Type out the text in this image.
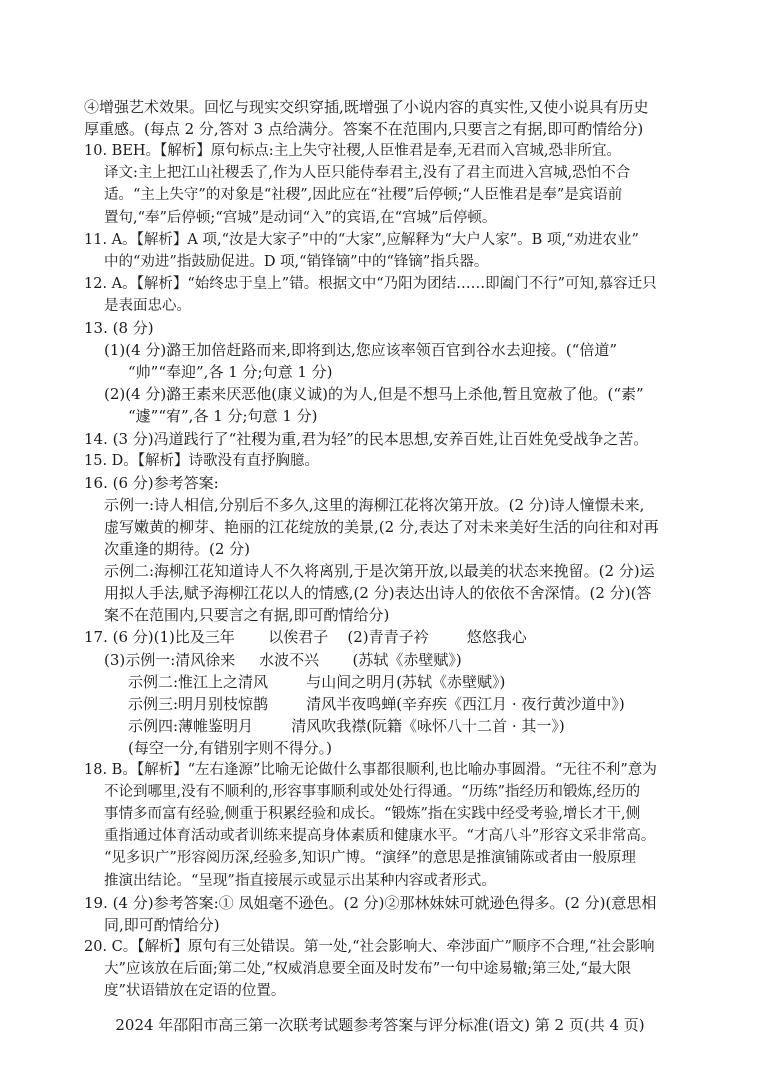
④增强艺术效果。回忆与现实交织穿插,既增强了小说内容的真实性,又使小说具有历史
厚重感。(每点 2 分,答对 3 点给满分。答案不在范围内,只要言之有据,即可酌情给分)
10. BEH。【解析】原句标点:主上失守社稷,人臣惟君是奉,无君而入宫城,恐非所宜。
译文:主上把江山社稷丢了,作为人臣只能侍奉君主,没有了君主而进入宫城,恐怕不合
适。“主上失守”的对象是“社稷”,因此应在“社稷”后停顿;“人臣惟君是奉”是宾语前
置句,“奉”后停顿;“宫城”是动词“入”的宾语,在“宫城”后停顿。
11. A。【解析】A 项,“汝是大家子”中的“大家”,应解释为“大户人家”。B 项,“劝进农业”
中的“劝进”指鼓励促进。D 项,“销锋镝”中的“锋镝”指兵器。
12. A。【解析】“始终忠于皇上”错。根据文中“乃阳为团结……即阖门不行”可知,慕容迁只
是表面忠心。
13. (8 分)
(1)(4 分)潞王加倍赶路而来,即将到达,您应该率领百官到谷水去迎接。(“倍道”
“帅”“奉迎”,各 1 分;句意 1 分)
(2)(4 分)潞王素来厌恶他(康义诚)的为人,但是不想马上杀他,暂且宽赦了他。(“素”
“遽”“宥”,各 1 分;句意 1 分)
14. (3 分)冯道践行了“社稷为重,君为轻”的民本思想,安养百姓,让百姓免受战争之苦。
15. D。【解析】诗歌没有直抒胸臆。
16. (6 分)参考答案:
示例一:诗人相信,分别后不多久,这里的海柳江花将次第开放。(2 分)诗人憧憬未来,
虚写嫩黄的柳芽、艳丽的江花绽放的美景,(2 分,表达了对未来美好生活的向往和对再
次重逢的期待。(2 分)
示例二:海柳江花知道诗人不久将离别,于是次第开放,以最美的状态来挽留。(2 分)运
用拟人手法,赋予海柳江花以人的情感,(2 分)表达出诗人的依依不舍深情。(2 分)(答
案不在范围内,只要言之有据,即可酌情给分)
17. (6 分)(1)比及三年       以俟君子    (2)青青子衿        悠悠我心
(3)示例一:清风徐来     水波不兴       (苏轼《赤壁赋》)
示例二:惟江上之清风        与山间之明月(苏轼《赤壁赋》)
示例三:明月别枝惊鹊        清风半夜鸣蝉(辛弃疾《西江月 · 夜行黄沙道中》)
示例四:薄帷鉴明月        清风吹我襟(阮籍《咏怀八十二首 · 其一》)
(每空一分,有错别字则不得分。)
18. B。【解析】“左右逢源”比喻无论做什么事都很顺利,也比喻办事圆滑。“无往不利”意为
不论到哪里,没有不顺利的,形容事事顺利或处处行得通。“历练”指经历和锻炼,经历的
事情多而富有经验,侧重于积累经验和成长。“锻炼”指在实践中经受考验,增长才干,侧
重指通过体育活动或者训练来提高身体素质和健康水平。“才高八斗”形容文采非常高。
“见多识广”形容阅历深,经验多,知识广博。“演绎”的意思是推演铺陈或者由一般原理
推演出结论。“呈现”指直接展示或显示出某种内容或者形式。
19. (4 分)参考答案:① 凤姐毫不逊色。(2 分)②那林妹妹可就逊色得多。(2 分)(意思相
同,即可酌情给分)
20. C。【解析】原句有三处错误。第一处,“社会影响大、牵涉面广”顺序不合理,“社会影响
大”应该放在后面;第二处,“权威消息要全面及时发布”一句中途易辙;第三处,“最大限
度”状语错放在定语的位置。
2024 年邵阳市高三第一次联考试题参考答案与评分标准(语文) 第 2 页(共 4 页)
